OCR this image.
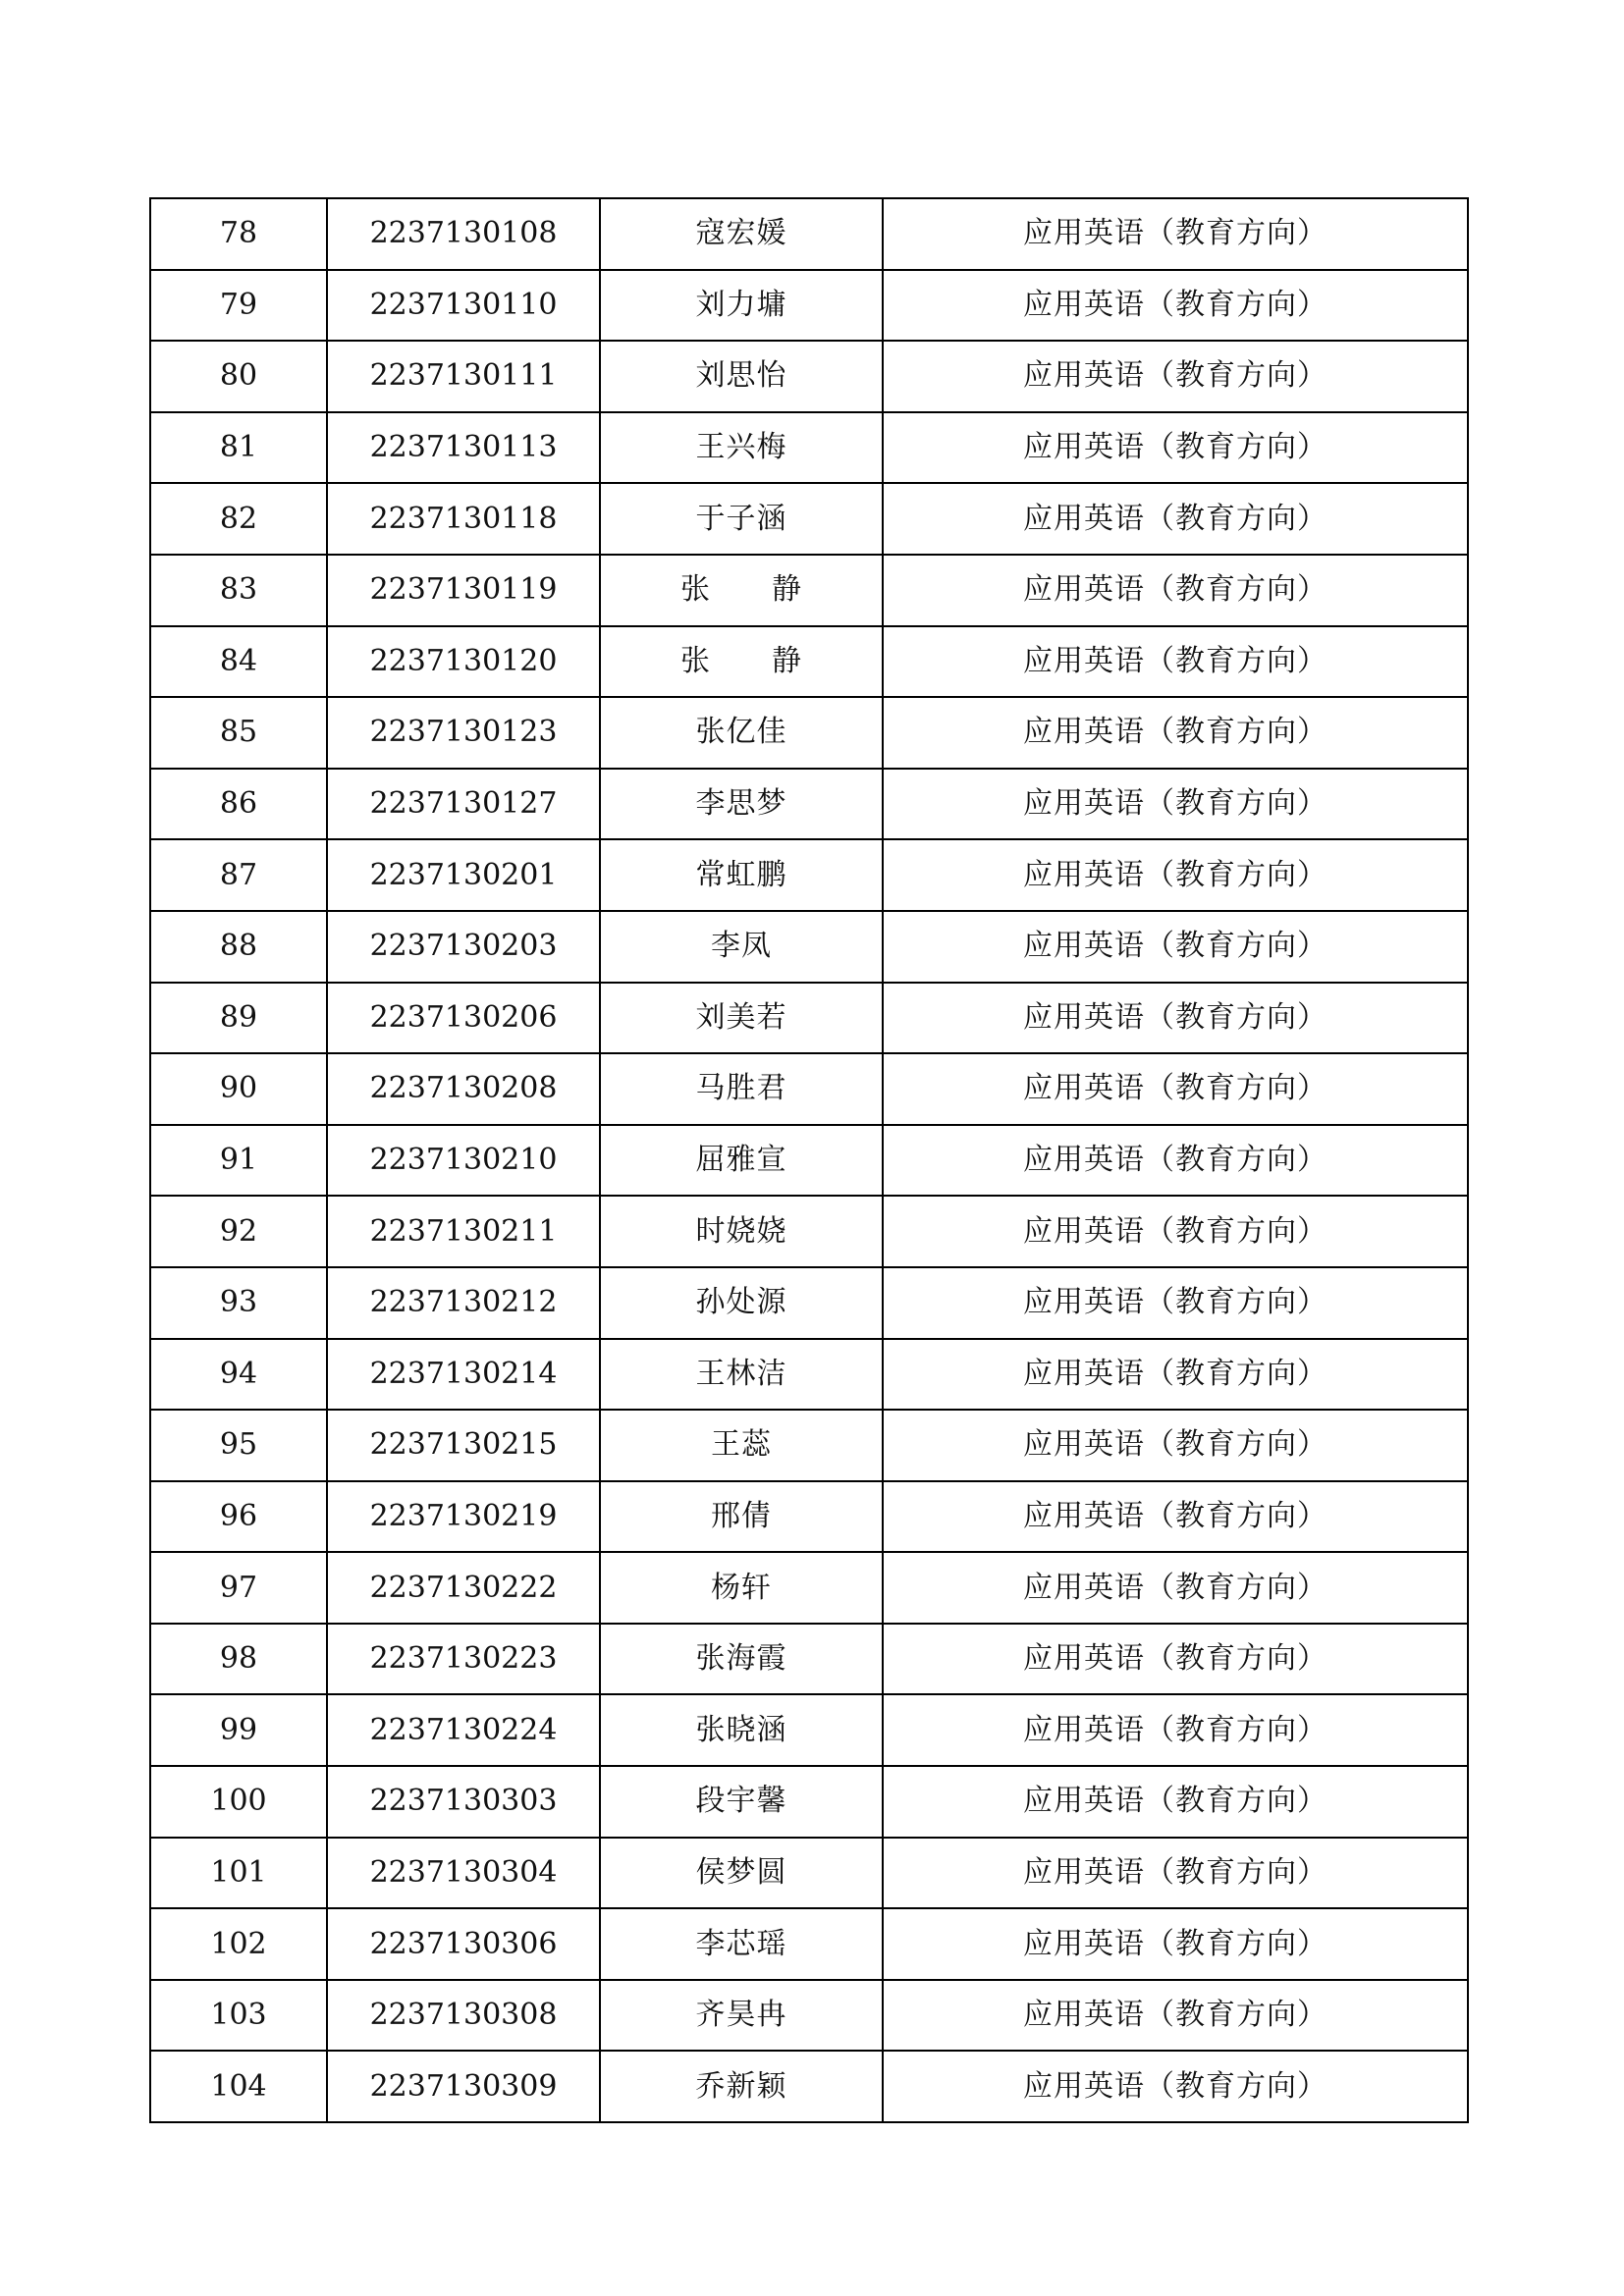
78	2237130108	寇宏媛	应用英语（教育方向）
79	2237130110	刘力墉	应用英语（教育方向）
80	2237130111	刘思怡	应用英语（教育方向）
81	2237130113	王兴梅	应用英语（教育方向）
82	2237130118	于子涵	应用英语（教育方向）
83	2237130119	张　　静	应用英语（教育方向）
84	2237130120	张　　静	应用英语（教育方向）
85	2237130123	张亿佳	应用英语（教育方向）
86	2237130127	李思梦	应用英语（教育方向）
87	2237130201	常虹鹏	应用英语（教育方向）
88	2237130203	李凤	应用英语（教育方向）
89	2237130206	刘美若	应用英语（教育方向）
90	2237130208	马胜君	应用英语（教育方向）
91	2237130210	屈雅宣	应用英语（教育方向）
92	2237130211	时娆娆	应用英语（教育方向）
93	2237130212	孙处源	应用英语（教育方向）
94	2237130214	王林洁	应用英语（教育方向）
95	2237130215	王蕊	应用英语（教育方向）
96	2237130219	邢倩	应用英语（教育方向）
97	2237130222	杨轩	应用英语（教育方向）
98	2237130223	张海霞	应用英语（教育方向）
99	2237130224	张晓涵	应用英语（教育方向）
100	2237130303	段宇馨	应用英语（教育方向）
101	2237130304	侯梦圆	应用英语（教育方向）
102	2237130306	李芯瑶	应用英语（教育方向）
103	2237130308	齐昊冉	应用英语（教育方向）
104	2237130309	乔新颖	应用英语（教育方向）
